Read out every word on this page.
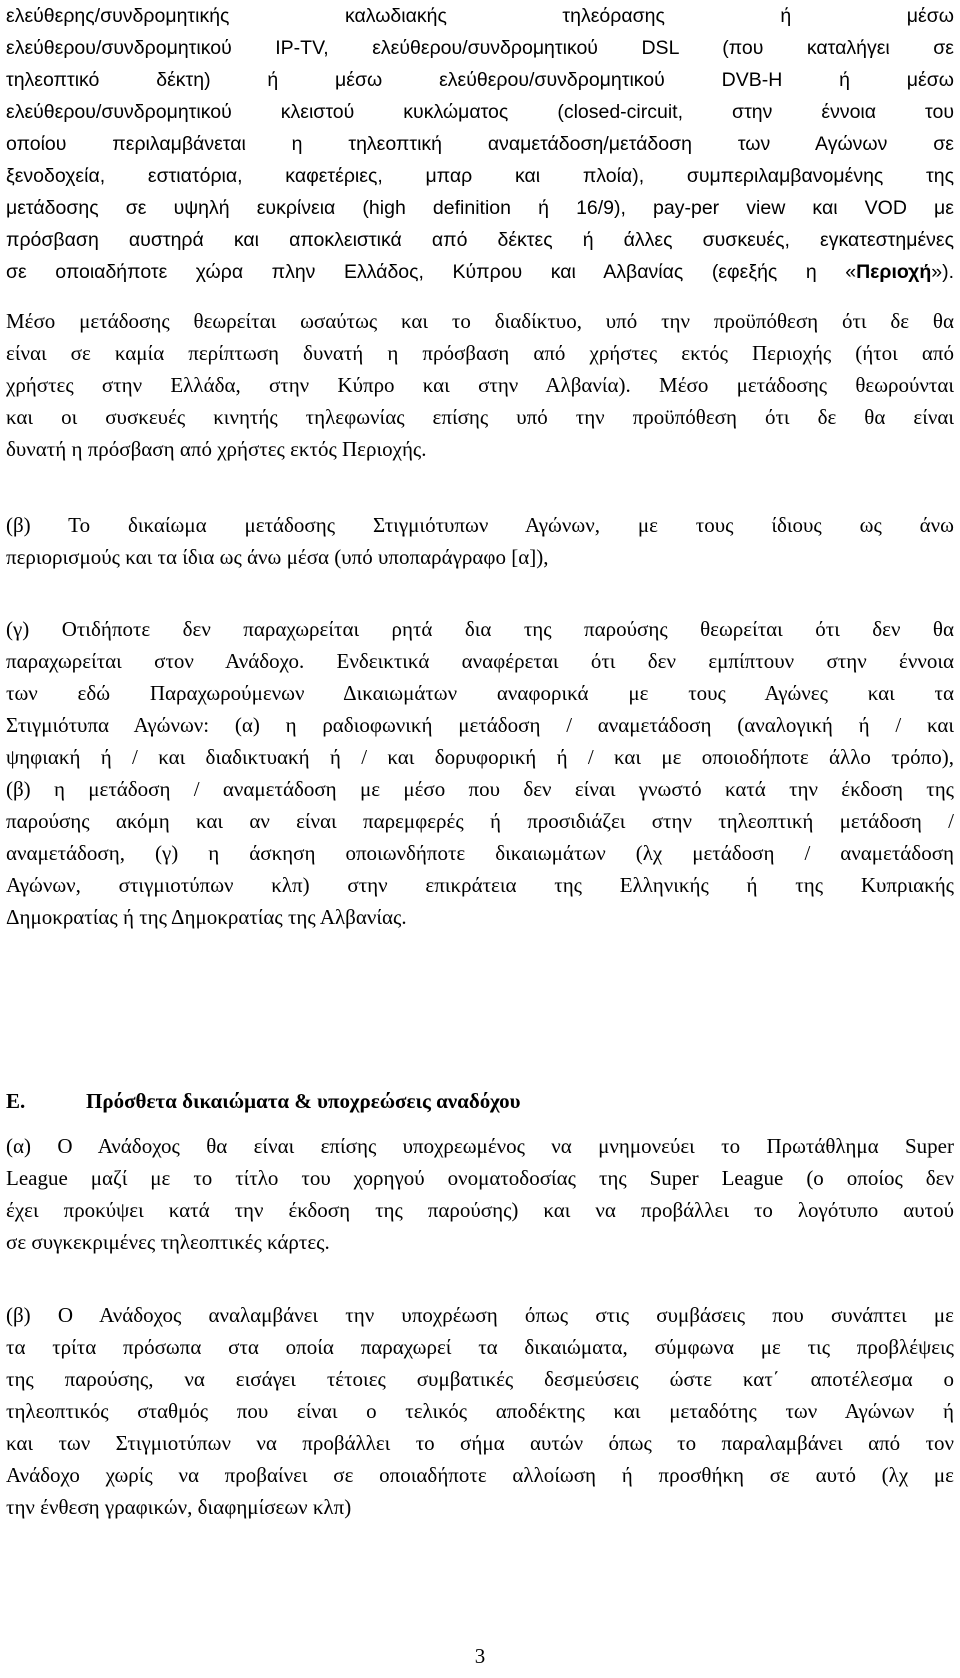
ελεύθερης/συνδρομητικής καλωδιακής τηλεόρασης ή μέσω
ελεύθερου/συνδρομητικού IP-TV, ελεύθερου/συνδρομητικού DSL (που καταλήγει σε
τηλεοπτικό δέκτη) ή μέσω ελεύθερου/συνδρομητικού DVB-H ή μέσω
ελεύθερου/συνδρομητικού κλειστού κυκλώματος (closed-circuit, στην έννοια του
οποίου περιλαμβάνεται η τηλεοπτική αναμετάδοση/μετάδοση των Αγώνων σε
ξενοδοχεία, εστιατόρια, καφετέριες, μπαρ και πλοία), συμπεριλαμβανομένης της
μετάδοσης σε υψηλή ευκρίνεια (high definition ή 16/9), pay-per view και VOD με
πρόσβαση αυστηρά και αποκλειστικά από δέκτες ή άλλες συσκευές, εγκατεστημένες
σε οποιαδήποτε χώρα πλην Ελλάδος, Κύπρου και Αλβανίας (εφεξής η «Περιοχή»).
Μέσο μετάδοσης θεωρείται ωσαύτως και το διαδίκτυο, υπό την προϋπόθεση ότι δε θα
είναι σε καμία περίπτωση δυνατή η πρόσβαση από χρήστες εκτός Περιοχής (ήτοι από
χρήστες στην Ελλάδα, στην Κύπρο και στην Αλβανία). Μέσο μετάδοσης θεωρούνται
και οι συσκευές κινητής τηλεφωνίας επίσης υπό την προϋπόθεση ότι δε θα είναι
δυνατή η πρόσβαση από χρήστες εκτός Περιοχής.
(β) Το δικαίωμα μετάδοσης Στιγμιότυπων Αγώνων, με τους ίδιους ως άνω
περιορισμούς και τα ίδια ως άνω μέσα (υπό υποπαράγραφο [α]),
(γ) Οτιδήποτε δεν παραχωρείται ρητά δια της παρούσης θεωρείται ότι δεν θα
παραχωρείται στον Ανάδοχο. Ενδεικτικά αναφέρεται ότι δεν εμπίπτουν στην έννοια
των εδώ Παραχωρούμενων Δικαιωμάτων αναφορικά με τους Αγώνες και τα
Στιγμιότυπα Αγώνων: (α) η ραδιοφωνική μετάδοση / αναμετάδοση (αναλογική ή / και
ψηφιακή ή / και διαδικτυακή ή / και δορυφορική ή / και με οποιοδήποτε άλλο τρόπο),
(β) η μετάδοση / αναμετάδοση με μέσο που δεν είναι γνωστό κατά την έκδοση της
παρούσης ακόμη και αν είναι παρεμφερές ή προσιδιάζει στην τηλεοπτική μετάδοση /
αναμετάδοση, (γ) η άσκηση οποιωνδήποτε δικαιωμάτων (λχ μετάδοση / αναμετάδοση
Αγώνων, στιγμιοτύπων κλπ) στην επικράτεια της Ελληνικής ή της Κυπριακής
Δημοκρατίας ή της Δημοκρατίας της Αλβανίας.
Ε.	Πρόσθετα δικαιώματα & υποχρεώσεις αναδόχου
(α) Ο Ανάδοχος θα είναι επίσης υποχρεωμένος να μνημονεύει το Πρωτάθλημα Super
League μαζί με το τίτλο του χορηγού ονοματοδοσίας της Super League (ο οποίος δεν
έχει προκύψει κατά την έκδοση της παρούσης) και να προβάλλει το λογότυπο αυτού
σε συγκεκριμένες τηλεοπτικές κάρτες.
(β) Ο Ανάδοχος αναλαμβάνει την υποχρέωση όπως στις συμβάσεις που συνάπτει με
τα τρίτα πρόσωπα στα οποία παραχωρεί τα δικαιώματα, σύμφωνα με τις προβλέψεις
της παρούσης, να εισάγει τέτοιες συμβατικές δεσμεύσεις ώστε κατ΄ αποτέλεσμα ο
τηλεοπτικός σταθμός που είναι ο τελικός αποδέκτης και μεταδότης των Αγώνων ή
και των Στιγμιοτύπων να προβάλλει το σήμα αυτών όπως το παραλαμβάνει από τον
Ανάδοχο χωρίς να προβαίνει σε οποιαδήποτε αλλοίωση ή προσθήκη σε αυτό (λχ με
την ένθεση γραφικών, διαφημίσεων κλπ)
3
